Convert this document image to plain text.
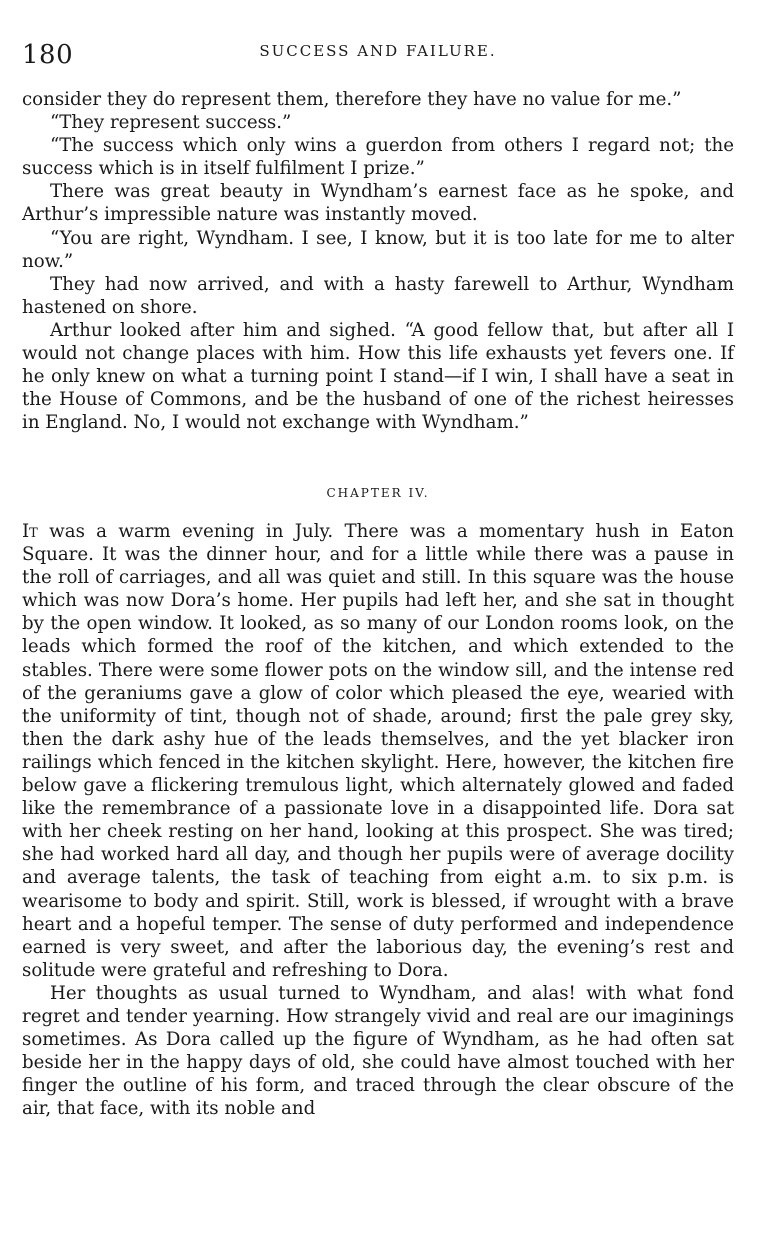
180	SUCCESS AND FAILURE.

consider they do represent them, therefore they have no value for me.”

“They represent success.”

“The success which only wins a guerdon from others I regard not; the success which is in itself fulfilment I prize.”

There was great beauty in Wyndham’s earnest face as he spoke, and Arthur’s impressible nature was instantly moved.

“You are right, Wyndham. I see, I know, but it is too late for me to alter now.”

They had now arrived, and with a hasty farewell to Arthur, Wyndham hastened on shore.

Arthur looked after him and sighed. “A good fellow that, but after all I would not change places with him. How this life exhausts yet fevers one. If he only knew on what a turning point I stand—if I win, I shall have a seat in the House of Commons, and be the husband of one of the richest heiresses in England. No, I would not exchange with Wyndham.”

CHAPTER IV.

It was a warm evening in July. There was a momentary hush in Eaton Square. It was the dinner hour, and for a little while there was a pause in the roll of carriages, and all was quiet and still. In this square was the house which was now Dora’s home. Her pupils had left her, and she sat in thought by the open window. It looked, as so many of our London rooms look, on the leads which formed the roof of the kitchen, and which extended to the stables. There were some flower pots on the window sill, and the intense red of the geraniums gave a glow of color which pleased the eye, wearied with the uniformity of tint, though not of shade, around; first the pale grey sky, then the dark ashy hue of the leads themselves, and the yet blacker iron railings which fenced in the kitchen skylight. Here, however, the kitchen fire below gave a flickering tremulous light, which alternately glowed and faded like the remembrance of a passionate love in a disappointed life. Dora sat with her cheek resting on her hand, looking at this prospect. She was tired; she had worked hard all day, and though her pupils were of average docility and average talents, the task of teaching from eight a.m. to six p.m. is wearisome to body and spirit. Still, work is blessed, if wrought with a brave heart and a hopeful temper. The sense of duty performed and independence earned is very sweet, and after the laborious day, the evening’s rest and solitude were grateful and refreshing to Dora.

Her thoughts as usual turned to Wyndham, and alas! with what fond regret and tender yearning. How strangely vivid and real are our imaginings sometimes. As Dora called up the figure of Wyndham, as he had often sat beside her in the happy days of old, she could have almost touched with her finger the outline of his form, and traced through the clear obscure of the air, that face, with its noble and
